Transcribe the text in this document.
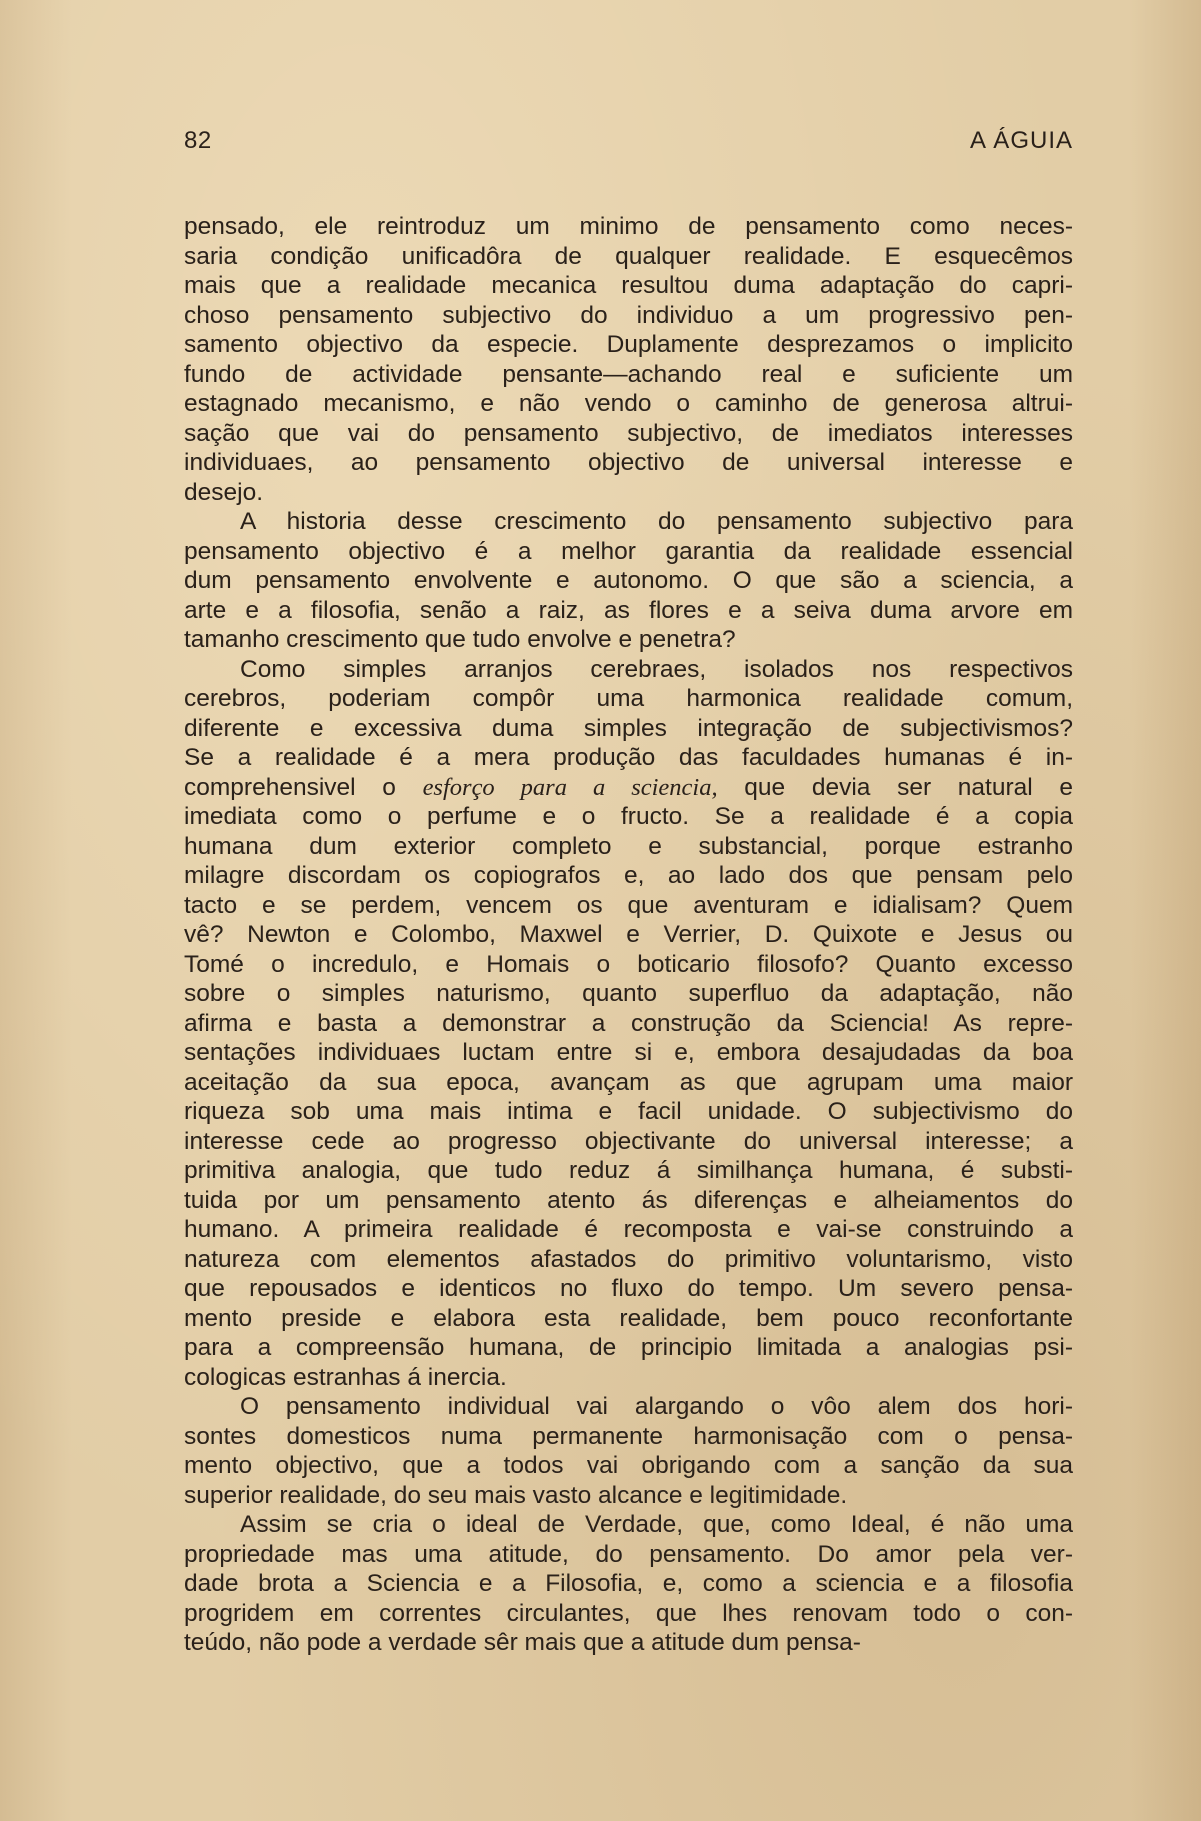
82	A ÁGUIA
pensado, ele reintroduz um minimo de pensamento como neces-
saria condição unificadôra de qualquer realidade. E esquecêmos
mais que a realidade mecanica resultou duma adaptação do capri-
choso pensamento subjectivo do individuo a um progressivo pen-
samento objectivo da especie. Duplamente desprezamos o implicito
fundo de actividade pensante—achando real e suficiente um
estagnado mecanismo, e não vendo o caminho de generosa altrui-
sação que vai do pensamento subjectivo, de imediatos interesses
individuaes, ao pensamento objectivo de universal interesse e
desejo.
A historia desse crescimento do pensamento subjectivo para
pensamento objectivo é a melhor garantia da realidade essencial
dum pensamento envolvente e autonomo. O que são a sciencia, a
arte e a filosofia, senão a raiz, as flores e a seiva duma arvore em
tamanho crescimento que tudo envolve e penetra?
Como simples arranjos cerebraes, isolados nos respectivos
cerebros, poderiam compôr uma harmonica realidade comum,
diferente e excessiva duma simples integração de subjectivismos?
Se a realidade é a mera produção das faculdades humanas é in-
comprehensivel o esforço para a sciencia, que devia ser natural e
imediata como o perfume e o fructo. Se a realidade é a copia
humana dum exterior completo e substancial, porque estranho
milagre discordam os copiografos e, ao lado dos que pensam pelo
tacto e se perdem, vencem os que aventuram e idialisam? Quem
vê? Newton e Colombo, Maxwel e Verrier, D. Quixote e Jesus ou
Tomé o incredulo, e Homais o boticario filosofo? Quanto excesso
sobre o simples naturismo, quanto superfluo da adaptação, não
afirma e basta a demonstrar a construção da Sciencia! As repre-
sentações individuaes luctam entre si e, embora desajudadas da boa
aceitação da sua epoca, avançam as que agrupam uma maior
riqueza sob uma mais intima e facil unidade. O subjectivismo do
interesse cede ao progresso objectivante do universal interesse; a
primitiva analogia, que tudo reduz á similhança humana, é substi-
tuida por um pensamento atento ás diferenças e alheiamentos do
humano. A primeira realidade é recomposta e vai-se construindo a
natureza com elementos afastados do primitivo voluntarismo, visto
que repousados e identicos no fluxo do tempo. Um severo pensa-
mento preside e elabora esta realidade, bem pouco reconfortante
para a compreensão humana, de principio limitada a analogias psi-
cologicas estranhas á inercia.
O pensamento individual vai alargando o vôo alem dos hori-
sontes domesticos numa permanente harmonisação com o pensa-
mento objectivo, que a todos vai obrigando com a sanção da sua
superior realidade, do seu mais vasto alcance e legitimidade.
Assim se cria o ideal de Verdade, que, como Ideal, é não uma
propriedade mas uma atitude, do pensamento. Do amor pela ver-
dade brota a Sciencia e a Filosofia, e, como a sciencia e a filosofia
progridem em correntes circulantes, que lhes renovam todo o con-
teúdo, não pode a verdade sêr mais que a atitude dum pensa-
